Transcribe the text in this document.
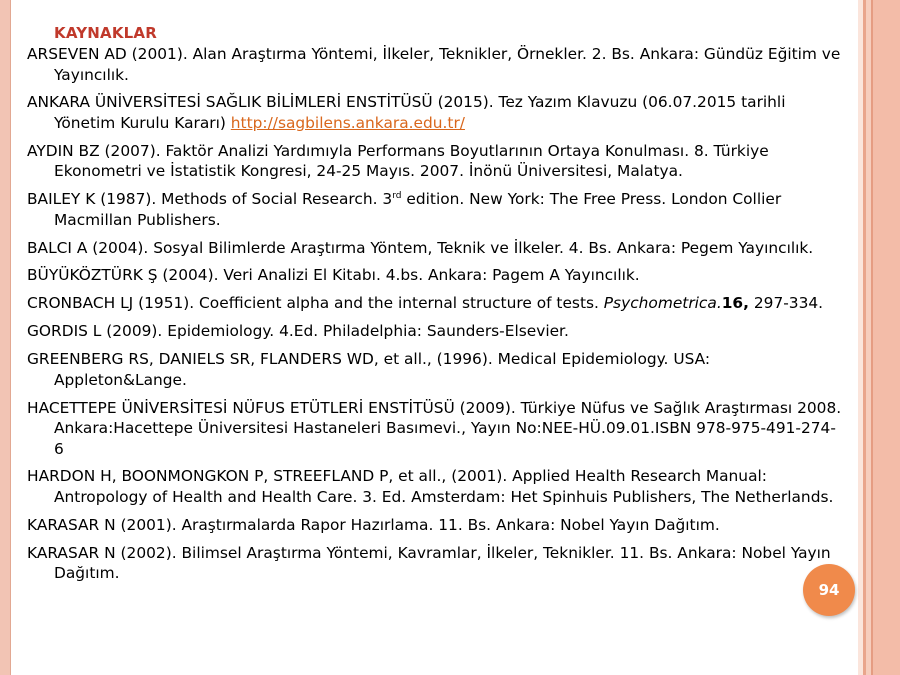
KAYNAKLAR
ARSEVEN AD (2001). Alan Araştırma Yöntemi, İlkeler, Teknikler, Örnekler. 2. Bs. Ankara: Gündüz Eğitim ve Yayıncılık.
ANKARA ÜNİVERSİTESİ SAĞLIK BİLİMLERİ ENSTİTÜSÜ (2015). Tez Yazım Klavuzu (06.07.2015 tarihli Yönetim Kurulu Kararı) http://sagbilens.ankara.edu.tr/
AYDIN BZ (2007). Faktör Analizi Yardımıyla Performans Boyutlarının Ortaya Konulması. 8. Türkiye Ekonometri ve İstatistik Kongresi, 24-25 Mayıs. 2007. İnönü Üniversitesi, Malatya.
BAILEY K (1987). Methods of Social Research. 3rd edition. New York: The Free Press. London Collier Macmillan Publishers.
BALCI A (2004). Sosyal Bilimlerde Araştırma Yöntem, Teknik ve İlkeler. 4. Bs. Ankara: Pegem Yayıncılık.
BÜYÜKÖZTÜRK Ş (2004). Veri Analizi El Kitabı. 4.bs. Ankara: Pagem A Yayıncılık.
CRONBACH LJ (1951). Coefficient alpha and the internal structure of tests. Psychometrica.16, 297-334.
GORDIS L (2009). Epidemiology. 4.Ed. Philadelphia: Saunders-Elsevier.
GREENBERG RS, DANIELS SR, FLANDERS WD, et all., (1996). Medical Epidemiology. USA: Appleton&Lange.
HACETTEPE ÜNİVERSİTESİ NÜFUS ETÜTLERİ ENSTİTÜSÜ (2009). Türkiye Nüfus ve Sağlık Araştırması 2008. Ankara:Hacettepe Üniversitesi Hastaneleri Basımevi., Yayın No:NEE-HÜ.09.01.ISBN 978-975-491-274-6
HARDON H, BOONMONGKON P, STREEFLAND P, et all., (2001). Applied Health Research Manual: Antropology of Health and Health Care. 3. Ed. Amsterdam: Het Spinhuis Publishers, The Netherlands.
KARASAR N (2001). Araştırmalarda Rapor Hazırlama. 11. Bs. Ankara: Nobel Yayın Dağıtım.
KARASAR N (2002). Bilimsel Araştırma Yöntemi, Kavramlar, İlkeler, Teknikler. 11. Bs. Ankara: Nobel Yayın Dağıtım.
94
